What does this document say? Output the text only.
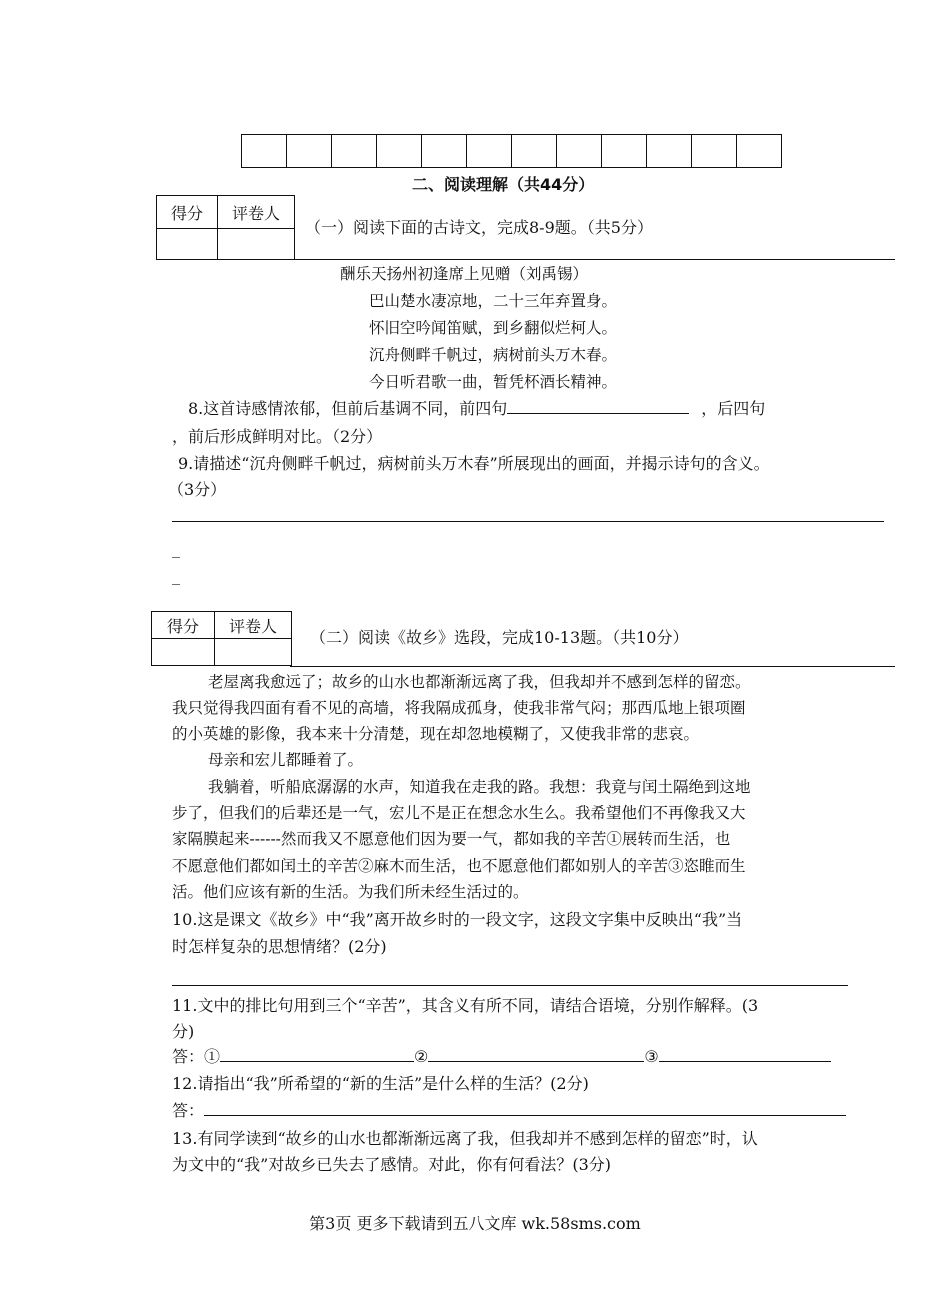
二、阅读理解（共44分）
得分	评卷人

（一）阅读下面的古诗文，完成8-9题。（共5分）
酬乐天扬州初逢席上见赠（刘禹锡）
巴山楚水凄凉地，二十三年弃置身。
怀旧空吟闻笛赋，到乡翻似烂柯人。
沉舟侧畔千帆过，病树前头万木春。
今日听君歌一曲，暂凭杯酒长精神。
8.这首诗感情浓郁，但前后基调不同，前四句	，后四句
，前后形成鲜明对比。（2分）
9.请描述“沉舟侧畔千帆过，病树前头万木春”所展现出的画面，并揭示诗句的含义。
（3分）
_
_
_
得分	评卷人

（二）阅读《故乡》选段，完成10-13题。（共10分）
老屋离我愈远了；故乡的山水也都渐渐远离了我，但我却并不感到怎样的留恋。
我只觉得我四面有看不见的高墙，将我隔成孤身，使我非常气闷；那西瓜地上银项圈
的小英雄的影像，我本来十分清楚，现在却忽地模糊了，又使我非常的悲哀。
母亲和宏儿都睡着了。
我躺着，听船底潺潺的水声，知道我在走我的路。我想：我竟与闰土隔绝到这地
步了，但我们的后辈还是一气，宏儿不是正在想念水生么。我希望他们不再像我又大
家隔膜起来------然而我又不愿意他们因为要一气，都如我的辛苦①展转而生活，也
不愿意他们都如闰土的辛苦②麻木而生活，也不愿意他们都如别人的辛苦③恣睢而生
活。他们应该有新的生活。为我们所未经生活过的。
10.这是课文《故乡》中“我”离开故乡时的一段文字，这段文字集中反映出“我”当
时怎样复杂的思想情绪？(2分)
11.文中的排比句用到三个“辛苦”，其含义有所不同，请结合语境，分别作解释。(3
分)
答：①	②	③
12.请指出“我”所希望的“新的生活”是什么样的生活？(2分)
答：
13.有同学读到“故乡的山水也都渐渐远离了我，但我却并不感到怎样的留恋”时，认
为文中的“我”对故乡已失去了感情。对此，你有何看法？(3分)
第3页 更多下载请到五八文库 wk.58sms.com
